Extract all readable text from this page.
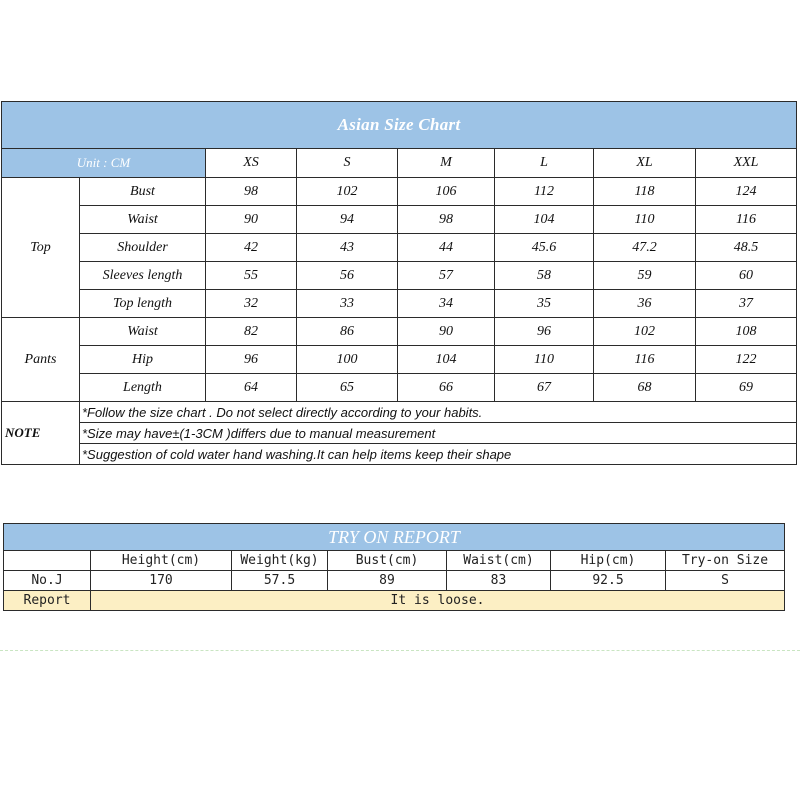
Asian Size Chart							
Unit : CM		XS	S	M	L	XL	XXL
Top	Bust	98	102	106	112	118	124
	Waist	90	94	98	104	110	116
	Shoulder	42	43	44	45.6	47.2	48.5
	Sleeves length	55	56	57	58	59	60
	Top length	32	33	34	35	36	37
Pants	Waist	82	86	90	96	102	108
	Hip	96	100	104	110	116	122
	Length	64	65	66	67	68	69
NOTE	*Follow the size chart . Do not select directly according to your habits.						
	*Size may have±(1-3CM )differs due to manual measurement						
	*Suggestion of cold water hand washing.It can help items keep their shape						
TRY ON REPORT						
	Height(cm)	Weight(kg)	Bust(cm)	Waist(cm)	Hip(cm)	Try-on Size
No.J	170	57.5	89	83	92.5	S
Report	It is loose.					
